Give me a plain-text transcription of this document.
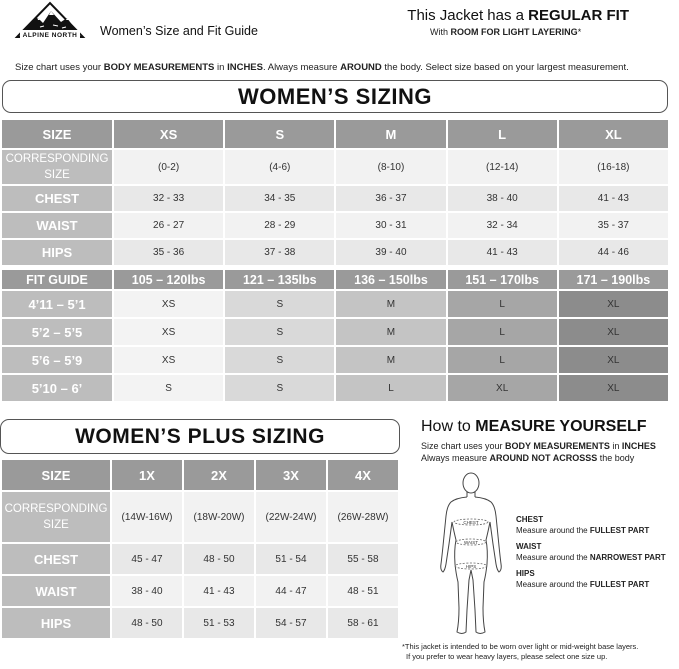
ALPINE NORTH Women’s Size and Fit Guide
This Jacket has a REGULAR FIT
With ROOM FOR LIGHT LAYERING*
Size chart uses your BODY MEASUREMENTS in INCHES. Always measure AROUND the body. Select size based on your largest measurement.
WOMEN’S SIZING
SIZE	XS	S	M	L	XL
CORRESPONDING SIZE	(0-2)	(4-6)	(8-10)	(12-14)	(16-18)
CHEST	32 - 33	34 - 35	36 - 37	38 - 40	41 - 43
WAIST	26 - 27	28 - 29	30 - 31	32 - 34	35 - 37
HIPS	35 - 36	37 - 38	39 - 40	41 - 43	44 - 46
FIT GUIDE	105 – 120lbs	121 – 135lbs	136 – 150lbs	151 – 170lbs	171 – 190lbs
4’11 – 5’1	XS	S	M	L	XL
5’2 – 5’5	XS	S	M	L	XL
5’6 – 5’9	XS	S	M	L	XL
5’10 – 6’	S	S	L	XL	XL
WOMEN’S PLUS SIZING
SIZE	1X	2X	3X	4X
CORRESPONDING SIZE	(14W-16W)	(18W-20W)	(22W-24W)	(26W-28W)
CHEST	45 - 47	48 - 50	51 - 54	55 - 58
WAIST	38 - 40	41 - 43	44 - 47	48 - 51
HIPS	48 - 50	51 - 53	54 - 57	58 - 61
How to MEASURE YOURSELF
Size chart uses your BODY MEASUREMENTS in INCHES
Always measure AROUND NOT ACROSSS the body
CHEST
WAIST
HIPS
CHEST
Measure around the FULLEST PART
WAIST
Measure around the NARROWEST PART
HIPS
Measure around the FULLEST PART
*This jacket is intended to be worn over light or mid-weight base layers.
If you prefer to wear heavy layers, please select one size up.
